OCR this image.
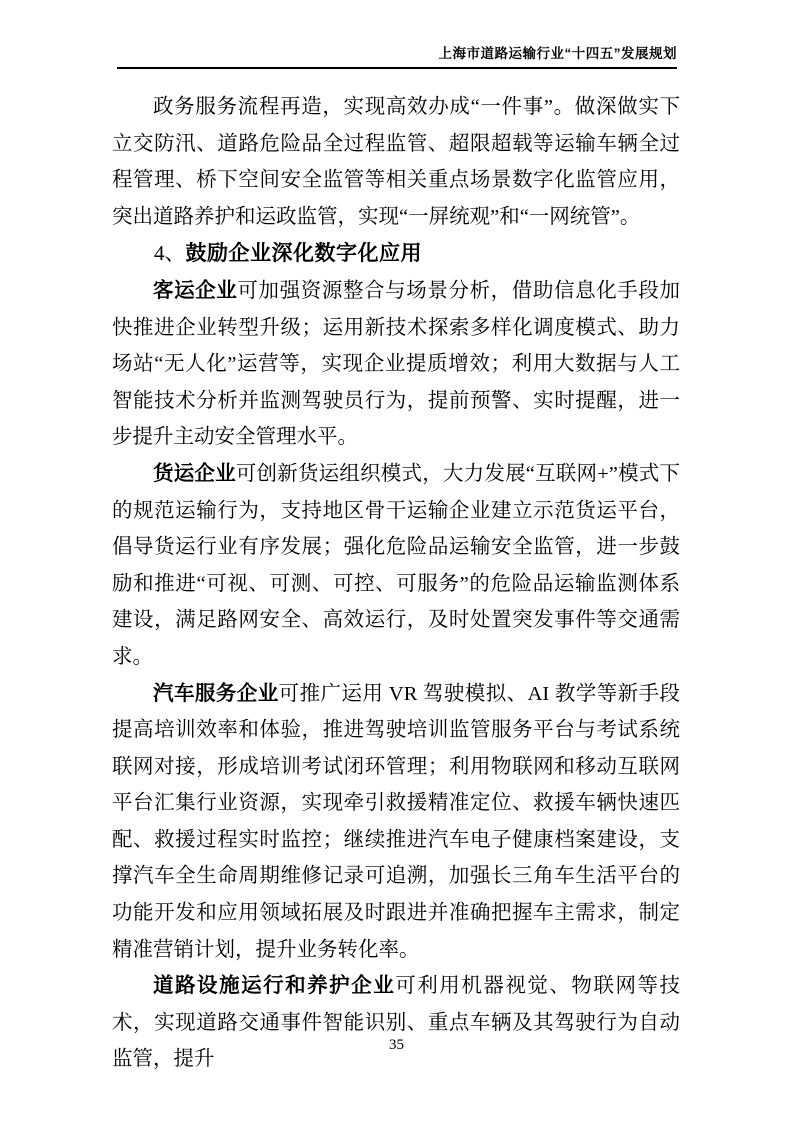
上海市道路运输行业“十四五”发展规划

政务服务流程再造，实现高效办成“一件事”。做深做实下立交防汛、道路危险品全过程监管、超限超载等运输车辆全过程管理、桥下空间安全监管等相关重点场景数字化监管应用，突出道路养护和运政监管，实现“一屏统观”和“一网统管”。

4、鼓励企业深化数字化应用

客运企业可加强资源整合与场景分析，借助信息化手段加快推进企业转型升级；运用新技术探索多样化调度模式、助力场站“无人化”运营等，实现企业提质增效；利用大数据与人工智能技术分析并监测驾驶员行为，提前预警、实时提醒，进一步提升主动安全管理水平。

货运企业可创新货运组织模式，大力发展“互联网+”模式下的规范运输行为，支持地区骨干运输企业建立示范货运平台，倡导货运行业有序发展；强化危险品运输安全监管，进一步鼓励和推进“可视、可测、可控、可服务”的危险品运输监测体系建设，满足路网安全、高效运行，及时处置突发事件等交通需求。

汽车服务企业可推广运用 VR 驾驶模拟、AI 教学等新手段提高培训效率和体验，推进驾驶培训监管服务平台与考试系统联网对接，形成培训考试闭环管理；利用物联网和移动互联网平台汇集行业资源，实现牵引救援精准定位、救援车辆快速匹配、救援过程实时监控；继续推进汽车电子健康档案建设，支撑汽车全生命周期维修记录可追溯，加强长三角车生活平台的功能开发和应用领域拓展及时跟进并准确把握车主需求，制定精准营销计划，提升业务转化率。

道路设施运行和养护企业可利用机器视觉、物联网等技术，实现道路交通事件智能识别、重点车辆及其驾驶行为自动监管，提升

35
